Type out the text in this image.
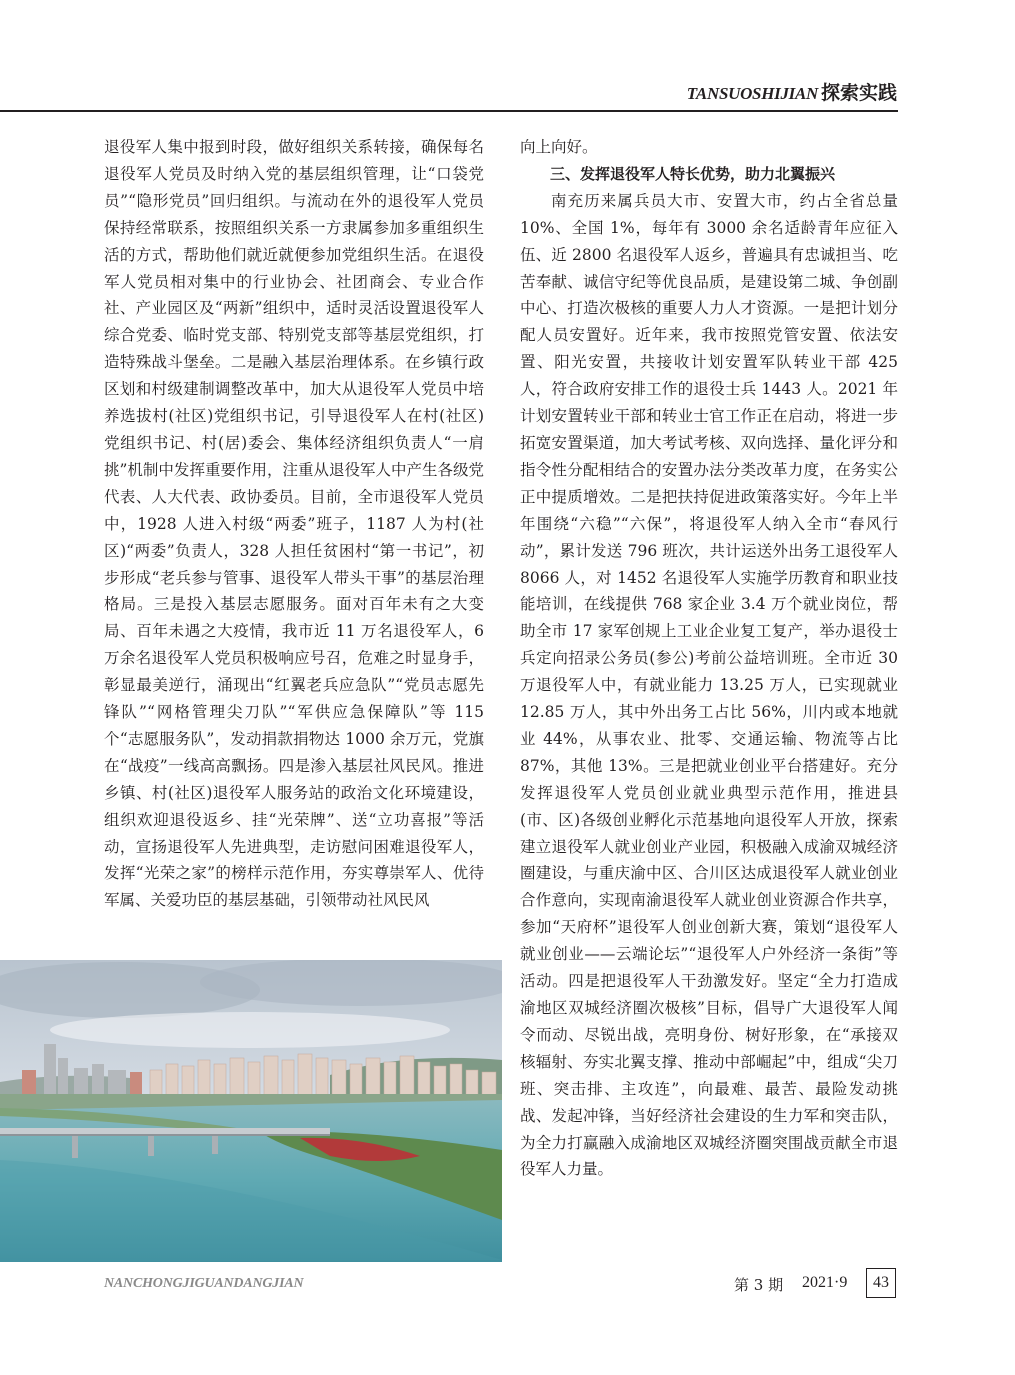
TANSUOSHIJIAN 探索实践

退役军人集中报到时段，做好组织关系转接，确保每名退役军人党员及时纳入党的基层组织管理，让“口袋党员”“隐形党员”回归组织。与流动在外的退役军人党员保持经常联系，按照组织关系一方隶属参加多重组织生活的方式，帮助他们就近就便参加党组织生活。在退役军人党员相对集中的行业协会、社团商会、专业合作社、产业园区及“两新”组织中，适时灵活设置退役军人综合党委、临时党支部、特别党支部等基层党组织，打造特殊战斗堡垒。二是融入基层治理体系。在乡镇行政区划和村级建制调整改革中，加大从退役军人党员中培养选拔村(社区)党组织书记，引导退役军人在村(社区)党组织书记、村(居)委会、集体经济组织负责人“一肩挑”机制中发挥重要作用，注重从退役军人中产生各级党代表、人大代表、政协委员。目前，全市退役军人党员中，1928 人进入村级“两委”班子，1187 人为村(社区)“两委”负责人，328 人担任贫困村“第一书记”，初步形成“老兵参与管事、退役军人带头干事”的基层治理格局。三是投入基层志愿服务。面对百年未有之大变局、百年未遇之大疫情，我市近 11 万名退役军人，6 万余名退役军人党员积极响应号召，危难之时显身手，彰显最美逆行，涌现出“红翼老兵应急队”“党员志愿先锋队”“网格管理尖刀队”“军供应急保障队”等 115 个“志愿服务队”，发动捐款捐物达 1000 余万元，党旗在“战疫”一线高高飘扬。四是渗入基层社风民风。推进乡镇、村(社区)退役军人服务站的政治文化环境建设，组织欢迎退役返乡、挂“光荣牌”、送“立功喜报”等活动，宣扬退役军人先进典型，走访慰问困难退役军人，发挥“光荣之家”的榜样示范作用，夯实尊崇军人、优待军属、关爱功臣的基层基础，引领带动社风民风

向上向好。

三、发挥退役军人特长优势，助力北翼振兴

南充历来属兵员大市、安置大市，约占全省总量 10%、全国 1%，每年有 3000 余名适龄青年应征入伍、近 2800 名退役军人返乡，普遍具有忠诚担当、吃苦奉献、诚信守纪等优良品质，是建设第二城、争创副中心、打造次极核的重要人力人才资源。一是把计划分配人员安置好。近年来，我市按照党管安置、依法安置、阳光安置，共接收计划安置军队转业干部 425 人，符合政府安排工作的退役士兵 1443 人。2021 年计划安置转业干部和转业士官工作正在启动，将进一步拓宽安置渠道，加大考试考核、双向选择、量化评分和指令性分配相结合的安置办法分类改革力度，在务实公正中提质增效。二是把扶持促进政策落实好。今年上半年围绕“六稳”“六保”，将退役军人纳入全市“春风行动”，累计发送 796 班次，共计运送外出务工退役军人 8066 人，对 1452 名退役军人实施学历教育和职业技能培训，在线提供 768 家企业 3.4 万个就业岗位，帮助全市 17 家军创规上工业企业复工复产，举办退役士兵定向招录公务员(参公)考前公益培训班。全市近 30 万退役军人中，有就业能力 13.25 万人，已实现就业 12.85 万人，其中外出务工占比 56%，川内或本地就业 44%，从事农业、批零、交通运输、物流等占比 87%，其他 13%。三是把就业创业平台搭建好。充分发挥退役军人党员创业就业典型示范作用，推进县(市、区)各级创业孵化示范基地向退役军人开放，探索建立退役军人就业创业产业园，积极融入成渝双城经济圈建设，与重庆渝中区、合川区达成退役军人就业创业合作意向，实现南渝退役军人就业创业资源合作共享，参加“天府杯”退役军人创业创新大赛，策划“退役军人就业创业——云端论坛”“退役军人户外经济一条街”等活动。四是把退役军人干劲激发好。坚定“全力打造成渝地区双城经济圈次极核”目标，倡导广大退役军人闻令而动、尽锐出战，亮明身份、树好形象，在“承接双核辐射、夯实北翼支撑、推动中部崛起”中，组成“尖刀班、突击排、主攻连”，向最难、最苦、最险发动挑战、发起冲锋，当好经济社会建设的生力军和突击队，为全力打赢融入成渝地区双城经济圈突围战贡献全市退役军人力量。

NANCHONGJIGUANDANGJIAN	第 3 期 2021·9	43
